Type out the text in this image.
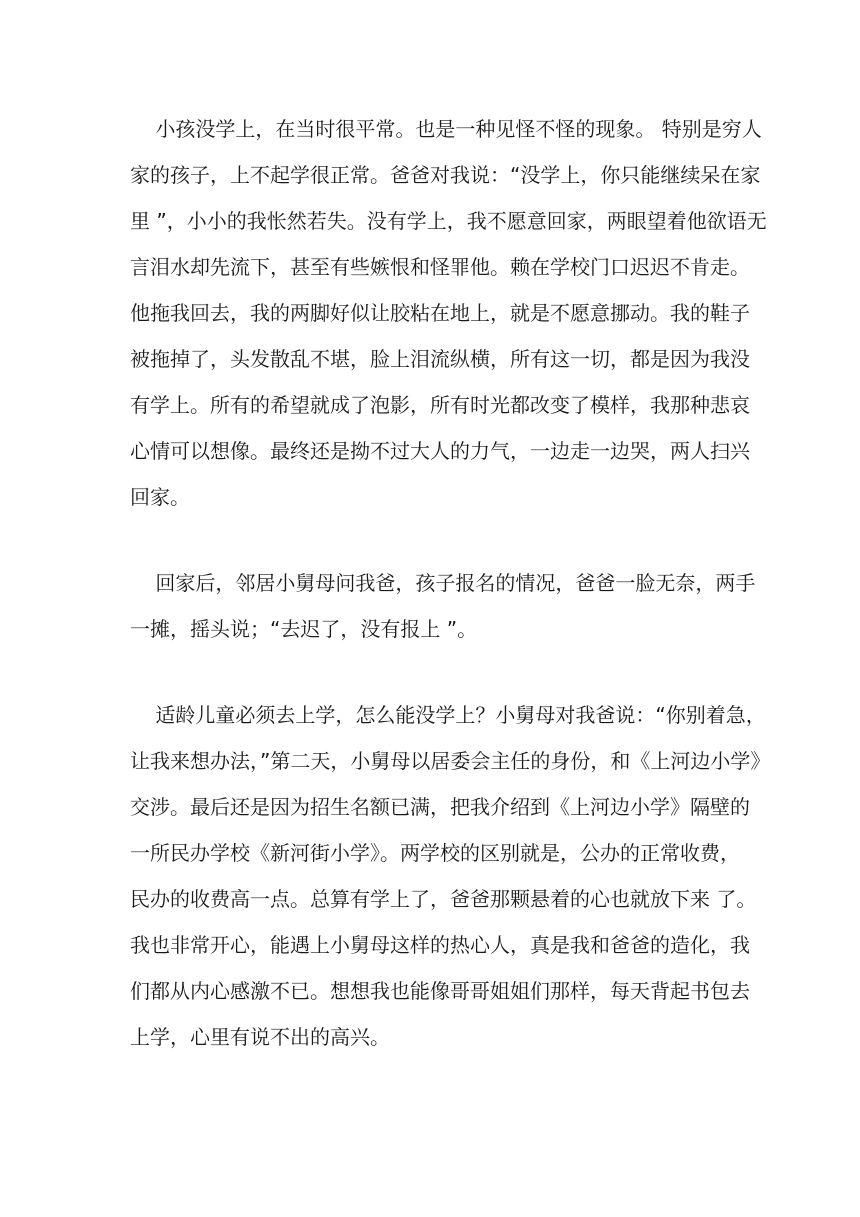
小孩没学上，在当时很平常。也是一种见怪不怪的现象。 特别是穷人
家的孩子，上不起学很正常。爸爸对我说：“没学上，你只能继续呆在家
里 ”，小小的我怅然若失。没有学上，我不愿意回家，两眼望着他欲语无
言泪水却先流下，甚至有些嫉恨和怪罪他。赖在学校门口迟迟不肯走。
他拖我回去，我的两脚好似让胶粘在地上，就是不愿意挪动。我的鞋子
被拖掉了，头发散乱不堪，脸上泪流纵横，所有这一切，都是因为我没
有学上。所有的希望就成了泡影，所有时光都改变了模样，我那种悲哀
心情可以想像。最终还是拗不过大人的力气，一边走一边哭，两人扫兴
回家。
回家后，邻居小舅母问我爸，孩子报名的情况，爸爸一脸无奈，两手
一摊，摇头说；“去迟了，没有报上 ”。
适龄儿童必须去上学，怎么能没学上？小舅母对我爸说：“你别着急，
让我来想办法，”第二天，小舅母以居委会主任的身份，和《上河边小学》
交涉。最后还是因为招生名额已满，把我介绍到《上河边小学》隔壁的
一所民办学校《新河街小学》。两学校的区别就是，公办的正常收费，
民办的收费高一点。总算有学上了，爸爸那颗悬着的心也就放下来 了。
我也非常开心，能遇上小舅母这样的热心人，真是我和爸爸的造化，我
们都从内心感激不已。想想我也能像哥哥姐姐们那样，每天背起书包去
上学，心里有说不出的高兴。
